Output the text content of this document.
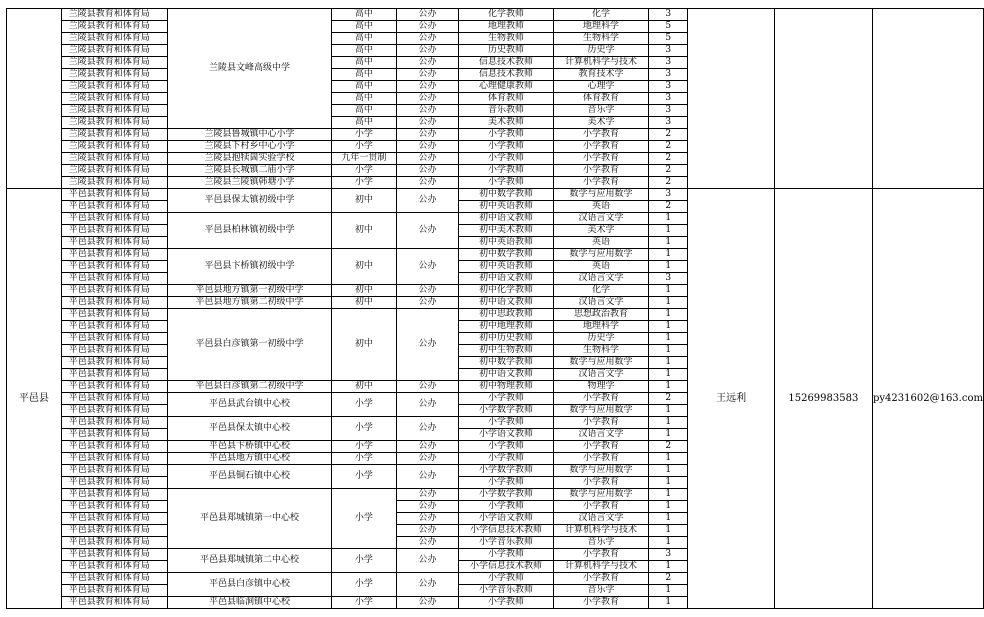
	兰陵县教育和体育局	兰陵县文峰高级中学	高中	公办	化学教师	化学	3			
	兰陵县教育和体育局		高中	公办	地理教师	地理科学	5			
	兰陵县教育和体育局		高中	公办	生物教师	生物科学	5			
	兰陵县教育和体育局		高中	公办	历史教师	历史学	3			
	兰陵县教育和体育局		高中	公办	信息技术教师	计算机科学与技术	3			
	兰陵县教育和体育局		高中	公办	信息技术教师	教育技术学	3			
	兰陵县教育和体育局		高中	公办	心理健康教师	心理学	3			
	兰陵县教育和体育局		高中	公办	体育教师	体育教育	3			
	兰陵县教育和体育局		高中	公办	音乐教师	音乐学	3			
	兰陵县教育和体育局		高中	公办	美术教师	美术学	3			
	兰陵县教育和体育局	兰陵县鲁城镇中心小学	小学	公办	小学教师	小学教育	2			
	兰陵县教育和体育局	兰陵县下村乡中心小学	小学	公办	小学教师	小学教育	2			
	兰陵县教育和体育局	兰陵县抱犊崮实验学校	九年一贯制	公办	小学教师	小学教育	2			
	兰陵县教育和体育局	兰陵县长城镇二庙小学	小学	公办	小学教师	小学教育	2			
	兰陵县教育和体育局	兰陵县兰陵镇韩塘小学	小学	公办	小学教师	小学教育	2			
平邑县	平邑县教育和体育局	平邑县保太镇初级中学	初中	公办	初中数学教师	数学与应用数学	3	王远利	15269983583	py4231602@163.com
	平邑县教育和体育局				初中英语教师	英语	2			
	平邑县教育和体育局	平邑县柏林镇初级中学	初中	公办	初中语文教师	汉语言文学	1			
	平邑县教育和体育局				初中美术教师	美术学	1			
	平邑县教育和体育局				初中英语教师	英语	1			
	平邑县教育和体育局	平邑县卞桥镇初级中学	初中	公办	初中数学教师	数学与应用数学	1			
	平邑县教育和体育局				初中英语教师	英语	1			
	平邑县教育和体育局				初中语文教师	汉语言文学	3			
	平邑县教育和体育局	平邑县地方镇第一初级中学	初中	公办	初中化学教师	化学	1			
	平邑县教育和体育局	平邑县地方镇第二初级中学	初中	公办	初中语文教师	汉语言文学	1			
	平邑县教育和体育局	平邑县白彦镇第一初级中学	初中	公办	初中思政教师	思想政治教育	1			
	平邑县教育和体育局				初中地理教师	地理科学	1			
	平邑县教育和体育局				初中历史教师	历史学	1			
	平邑县教育和体育局				初中生物教师	生物科学	1			
	平邑县教育和体育局				初中数学教师	数学与应用数学	1			
	平邑县教育和体育局				初中语文教师	汉语言文学	1			
	平邑县教育和体育局	平邑县白彦镇第二初级中学	初中	公办	初中物理教师	物理学	1			
	平邑县教育和体育局	平邑县武台镇中心校	小学	公办	小学教师	小学教育	2			
	平邑县教育和体育局				小学数学教师	数学与应用数学	1			
	平邑县教育和体育局	平邑县保太镇中心校	小学	公办	小学教师	小学教育	1			
	平邑县教育和体育局				小学语文教师	汉语言文学	1			
	平邑县教育和体育局	平邑县卞桥镇中心校	小学	公办	小学教师	小学教育	2			
	平邑县教育和体育局	平邑县地方镇中心校	小学	公办	小学教师	小学教育	1			
	平邑县教育和体育局	平邑县铜石镇中心校	小学	公办	小学数学教师	数学与应用数学	1			
	平邑县教育和体育局				小学教师	小学教育	1			
	平邑县教育和体育局	平邑县郑城镇第一中心校	小学	公办	小学数学教师	数学与应用数学	1			
	平邑县教育和体育局			公办	小学教师	小学教育	1			
	平邑县教育和体育局			公办	小学语文教师	汉语言文学	1			
	平邑县教育和体育局			公办	小学信息技术教师	计算机科学与技术	1			
	平邑县教育和体育局			公办	小学音乐教师	音乐学	1			
	平邑县教育和体育局	平邑县郑城镇第二中心校	小学	公办	小学教师	小学教育	3			
	平邑县教育和体育局				小学信息技术教师	计算机科学与技术	1			
	平邑县教育和体育局	平邑县白彦镇中心校	小学	公办	小学教师	小学教育	2			
	平邑县教育和体育局				小学音乐教师	音乐学	1			
	平邑县教育和体育局	平邑县临涧镇中心校	小学	公办	小学教师	小学教育	1			
